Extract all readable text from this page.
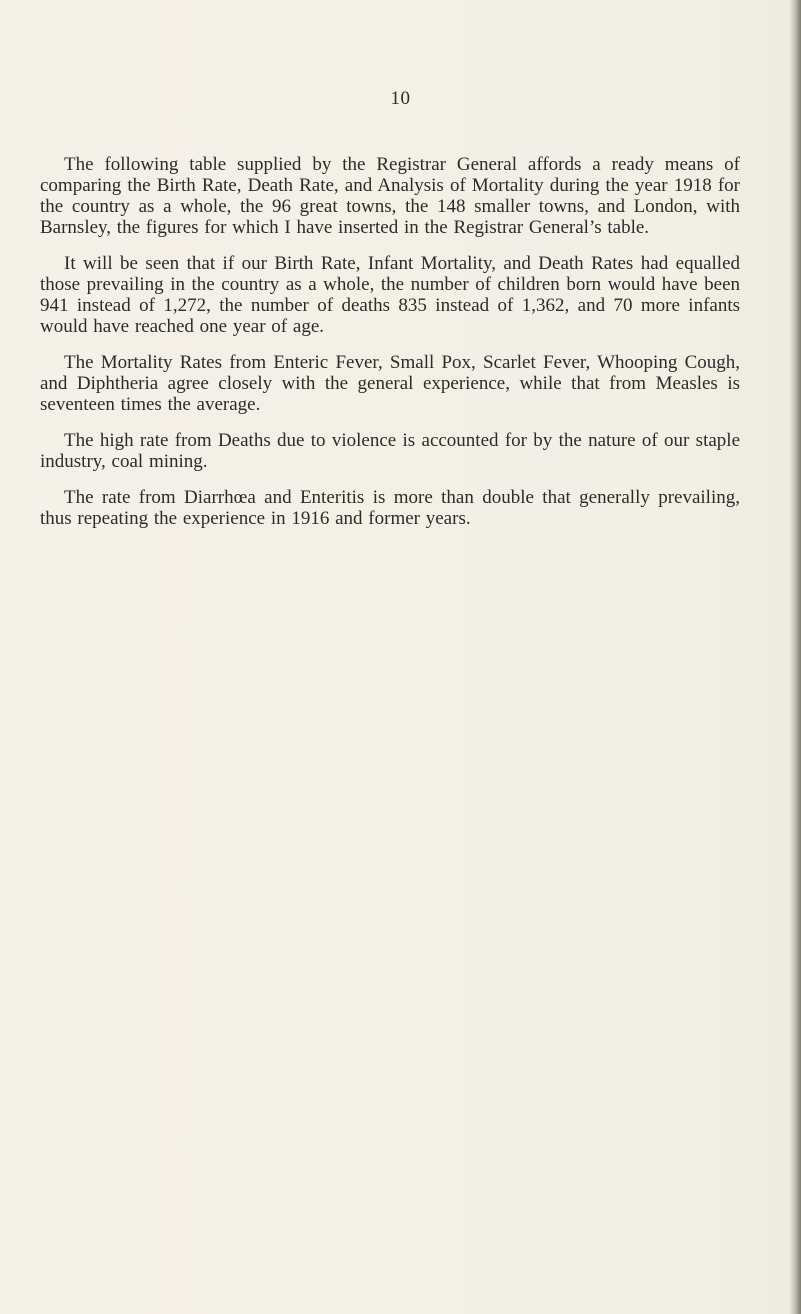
10

The following table supplied by the Registrar General affords a ready means of comparing the Birth Rate, Death Rate, and Analysis of Mortality during the year 1918 for the country as a whole, the 96 great towns, the 148 smaller towns, and London, with Barnsley, the figures for which I have inserted in the Registrar General’s table.

It will be seen that if our Birth Rate, Infant Mortality, and Death Rates had equalled those prevailing in the country as a whole, the number of children born would have been 941 instead of 1,272, the number of deaths 835 instead of 1,362, and 70 more infants would have reached one year of age.

The Mortality Rates from Enteric Fever, Small Pox, Scarlet Fever, Whooping Cough, and Diphtheria agree closely with the general experience, while that from Measles is seventeen times the average.

The high rate from Deaths due to violence is accounted for by the nature of our staple industry, coal mining.

The rate from Diarrhœa and Enteritis is more than double that generally prevailing, thus repeating the experience in 1916 and former years.
